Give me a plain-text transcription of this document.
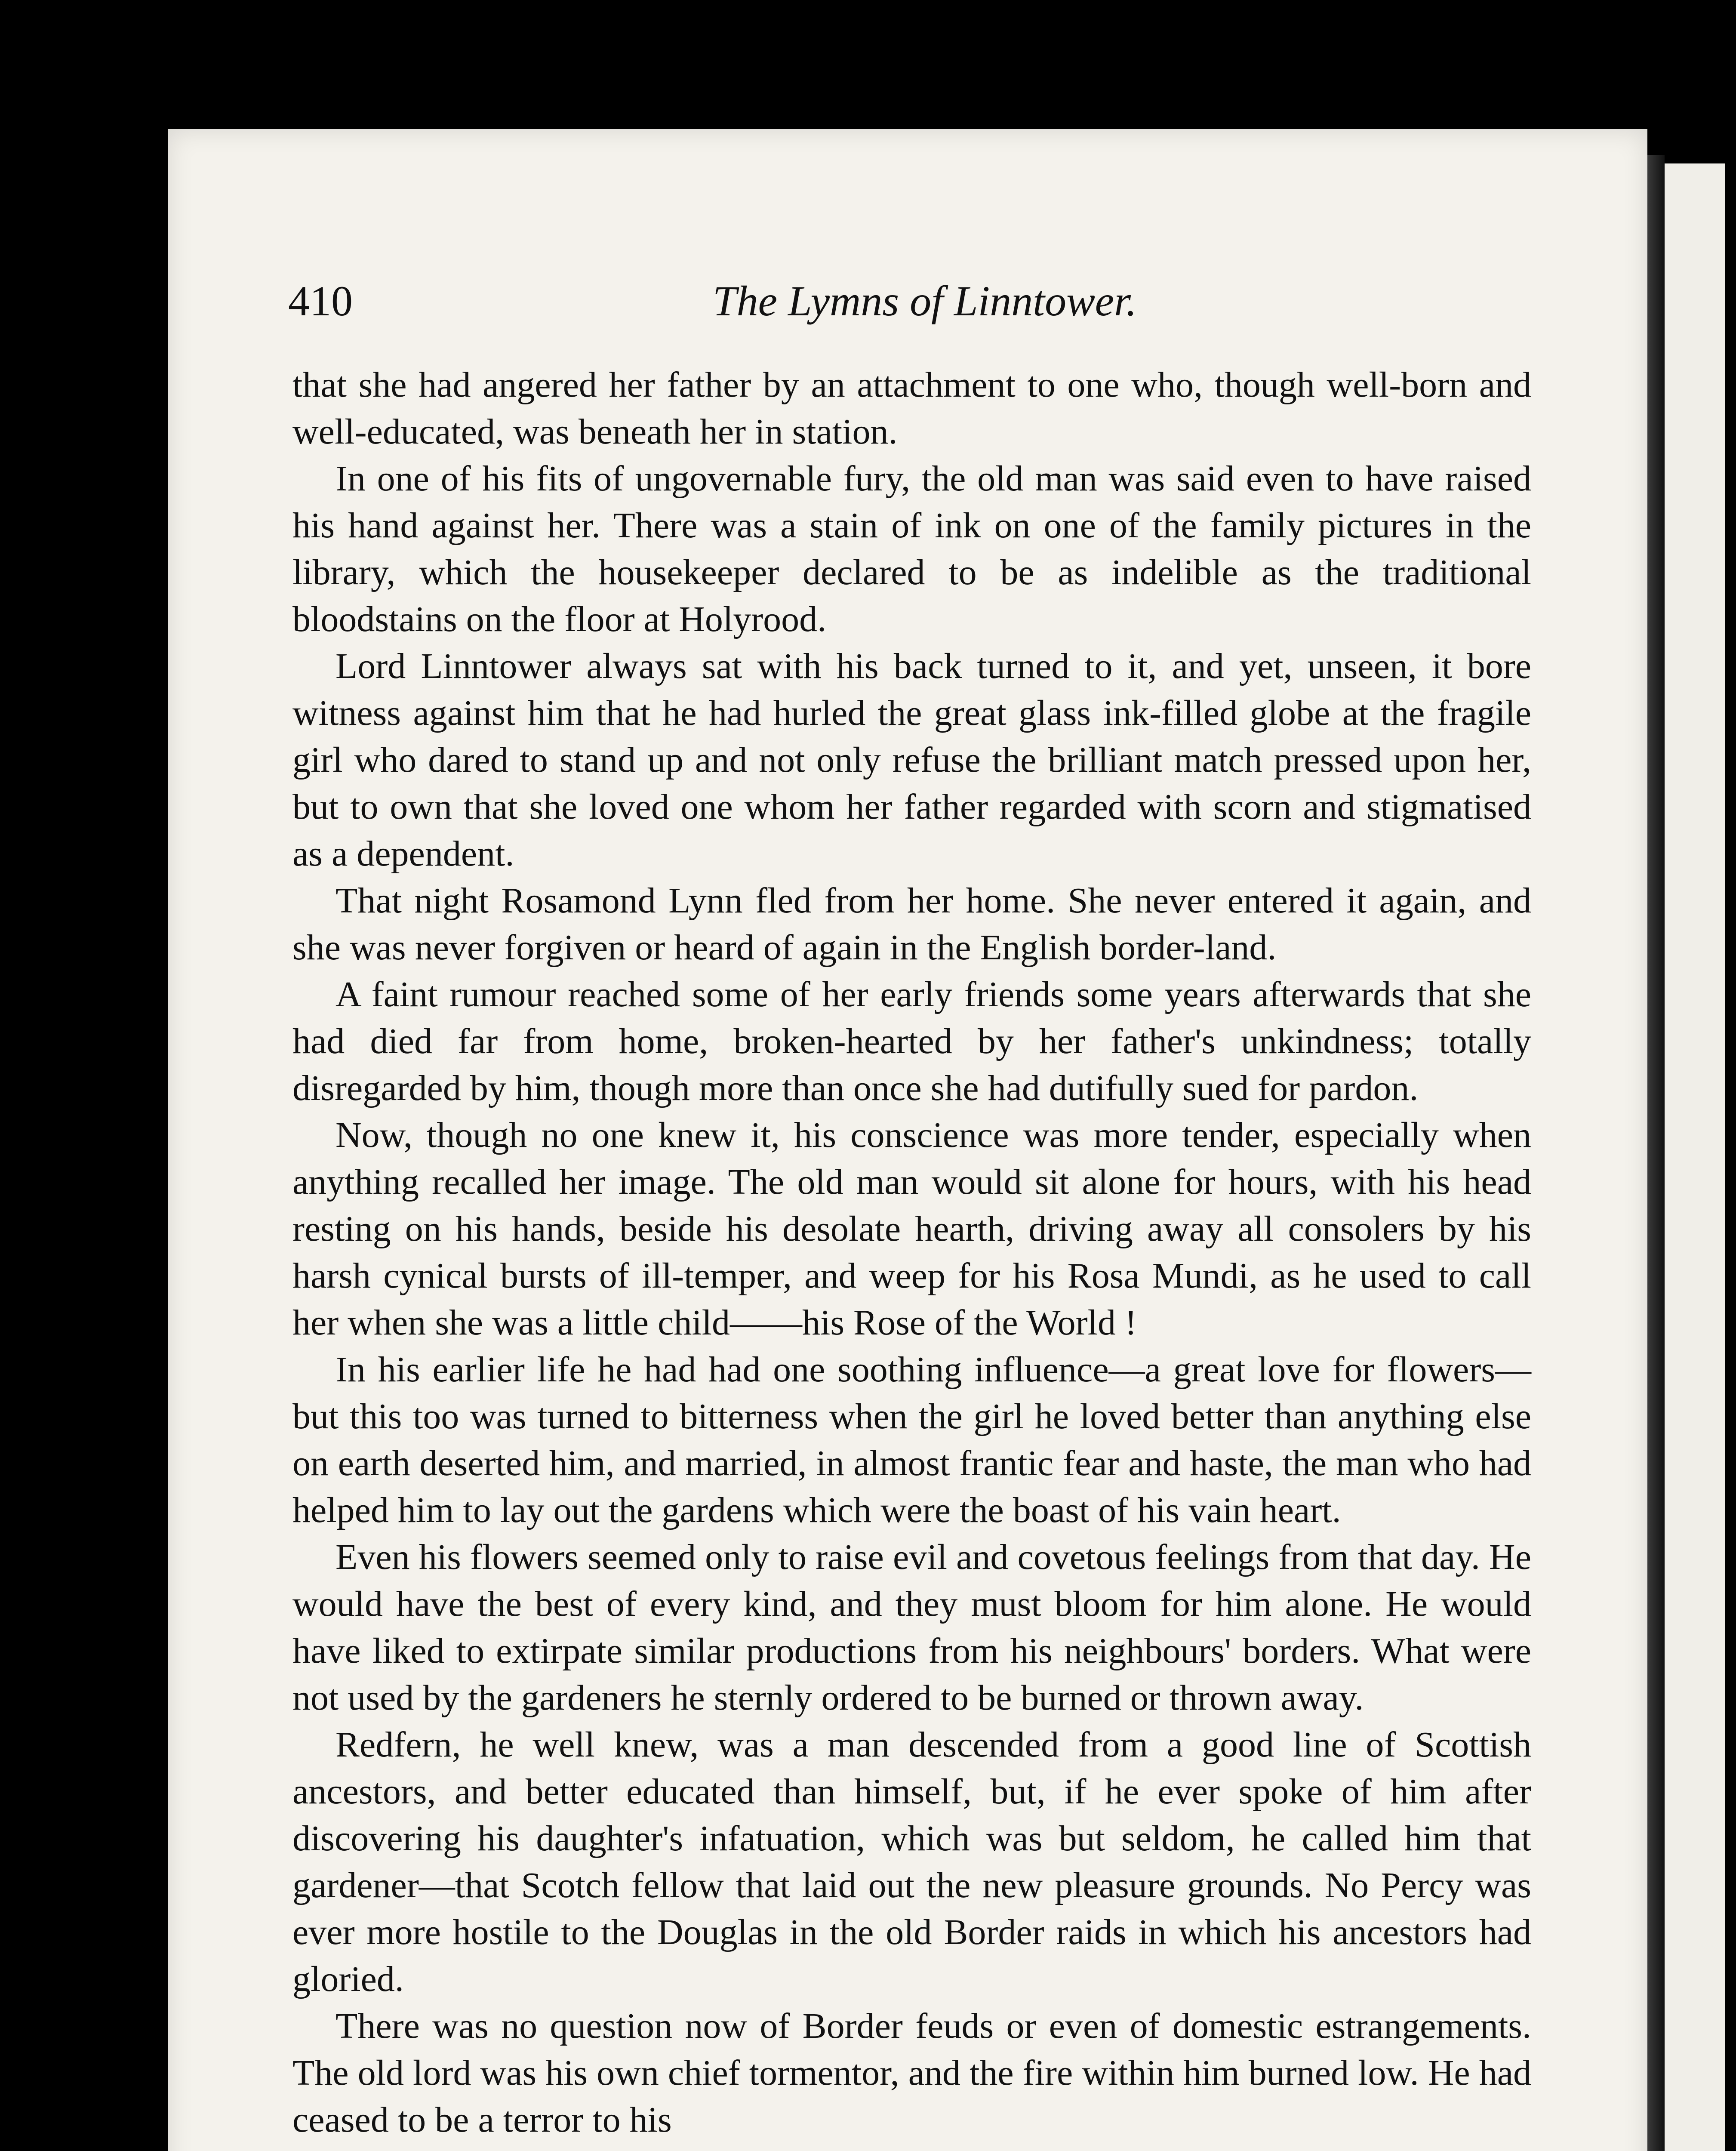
410	The Lymns of Linntower.

that she had angered her father by an attachment to one who, though well-born and well-educated, was beneath her in station.

In one of his fits of ungovernable fury, the old man was said even to have raised his hand against her. There was a stain of ink on one of the family pictures in the library, which the housekeeper declared to be as indelible as the traditional bloodstains on the floor at Holyrood.

Lord Linntower always sat with his back turned to it, and yet, unseen, it bore witness against him that he had hurled the great glass ink-filled globe at the fragile girl who dared to stand up and not only refuse the brilliant match pressed upon her, but to own that she loved one whom her father regarded with scorn and stigmatised as a dependent.

That night Rosamond Lynn fled from her home. She never entered it again, and she was never forgiven or heard of again in the English border-land.

A faint rumour reached some of her early friends some years afterwards that she had died far from home, broken-hearted by her father's unkindness; totally disregarded by him, though more than once she had dutifully sued for pardon.

Now, though no one knew it, his conscience was more tender, especially when anything recalled her image. The old man would sit alone for hours, with his head resting on his hands, beside his desolate hearth, driving away all consolers by his harsh cynical bursts of ill-temper, and weep for his Rosa Mundi, as he used to call her when she was a little child——his Rose of the World !

In his earlier life he had had one soothing influence—a great love for flowers—but this too was turned to bitterness when the girl he loved better than anything else on earth deserted him, and married, in almost frantic fear and haste, the man who had helped him to lay out the gardens which were the boast of his vain heart.

Even his flowers seemed only to raise evil and covetous feelings from that day. He would have the best of every kind, and they must bloom for him alone. He would have liked to extirpate similar productions from his neighbours' borders. What were not used by the gardeners he sternly ordered to be burned or thrown away.

Redfern, he well knew, was a man descended from a good line of Scottish ancestors, and better educated than himself, but, if he ever spoke of him after discovering his daughter's infatuation, which was but seldom, he called him that gardener—that Scotch fellow that laid out the new pleasure grounds. No Percy was ever more hostile to the Douglas in the old Border raids in which his ancestors had gloried.

There was no question now of Border feuds or even of domestic estrangements. The old lord was his own chief tormentor, and the fire within him burned low. He had ceased to be a terror to his
